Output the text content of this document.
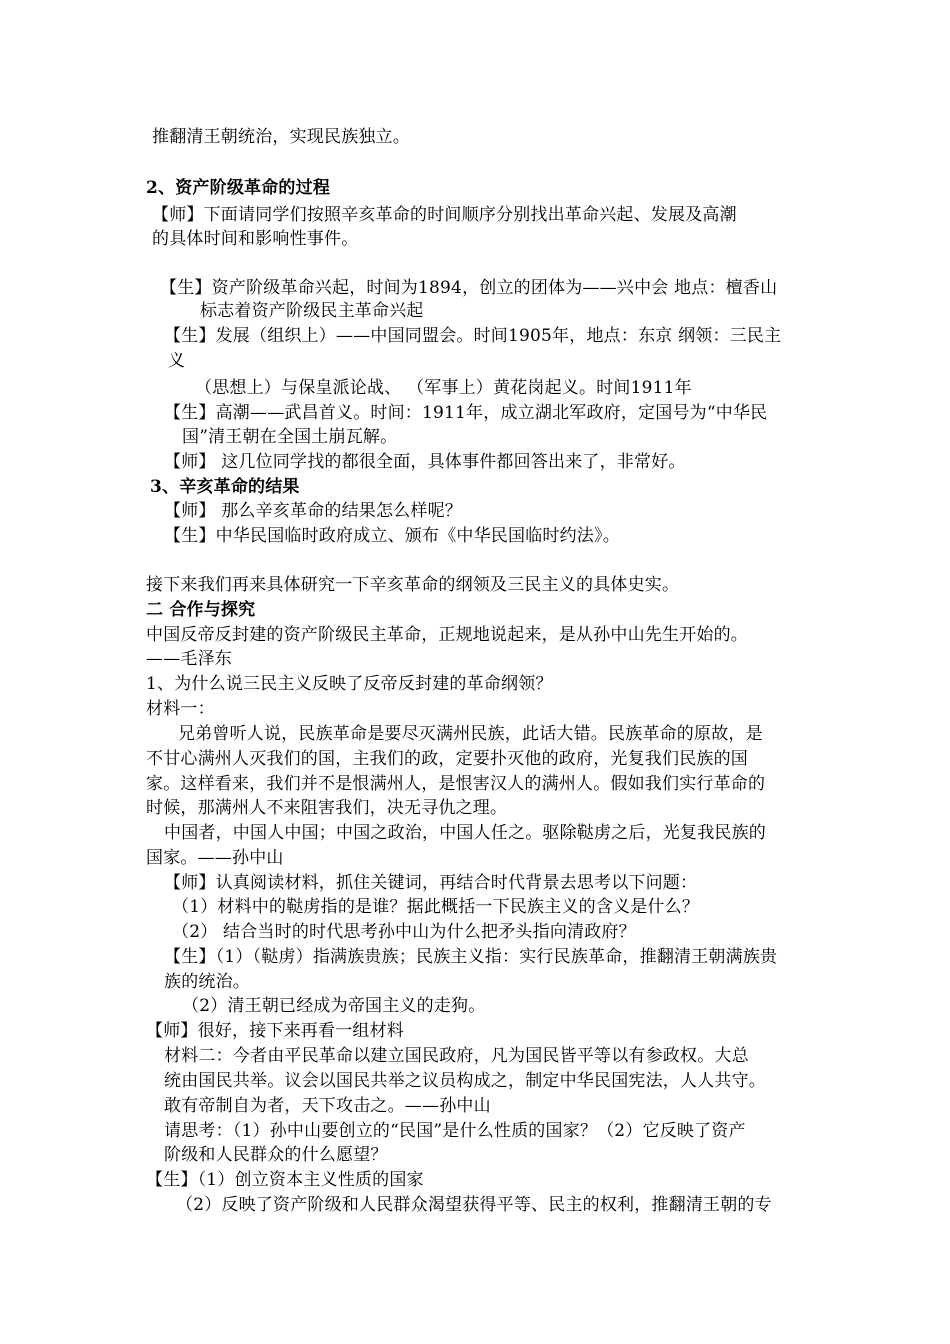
推翻清王朝统治，实现民族独立。
2、资产阶级革命的过程
【师】下面请同学们按照辛亥革命的时间顺序分别找出革命兴起、发展及高潮
的具体时间和影响性事件。
【生】资产阶级革命兴起，时间为1894，创立的团体为——兴中会 地点：檀香山
标志着资产阶级民主革命兴起
【生】发展（组织上）——中国同盟会。时间1905年，地点：东京 纲领：三民主
义
（思想上）与保皇派论战、 （军事上）黄花岗起义。时间1911年
【生】高潮——武昌首义。时间：1911年，成立湖北军政府，定国号为“中华民
国”清王朝在全国土崩瓦解。
【师】 这几位同学找的都很全面，具体事件都回答出来了，非常好。
3、辛亥革命的结果
【师】 那么辛亥革命的结果怎么样呢？
【生】中华民国临时政府成立、颁布《中华民国临时约法》。
接下来我们再来具体研究一下辛亥革命的纲领及三民主义的具体史实。
二 合作与探究
中国反帝反封建的资产阶级民主革命，正规地说起来，是从孙中山先生开始的。
——毛泽东
1、为什么说三民主义反映了反帝反封建的革命纲领？
材料一：
兄弟曾听人说，民族革命是要尽灭满州民族，此话大错。民族革命的原故，是
不甘心满州人灭我们的国，主我们的政，定要扑灭他的政府，光复我们民族的国
家。这样看来，我们并不是恨满州人，是恨害汉人的满州人。假如我们实行革命的
时候，那满州人不来阻害我们，决无寻仇之理。
中国者，中国人中国；中国之政治，中国人任之。驱除鞑虏之后，光复我民族的
国家。——孙中山
【师】认真阅读材料，抓住关键词，再结合时代背景去思考以下问题：
（1）材料中的鞑虏指的是谁？据此概括一下民族主义的含义是什么？
（2） 结合当时的时代思考孙中山为什么把矛头指向清政府？
【生】（1）（鞑虏）指满族贵族；民族主义指：实行民族革命，推翻清王朝满族贵
族的统治。
（2）清王朝已经成为帝国主义的走狗。
【师】很好，接下来再看一组材料
材料二：今者由平民革命以建立国民政府，凡为国民皆平等以有参政权。大总
统由国民共举。议会以国民共举之议员构成之，制定中华民国宪法，人人共守。
敢有帝制自为者，天下攻击之。——孙中山
请思考：（1）孙中山要创立的“民国”是什么性质的国家？（2）它反映了资产
阶级和人民群众的什么愿望？
【生】（1）创立资本主义性质的国家
（2）反映了资产阶级和人民群众渴望获得平等、民主的权利，推翻清王朝的专
